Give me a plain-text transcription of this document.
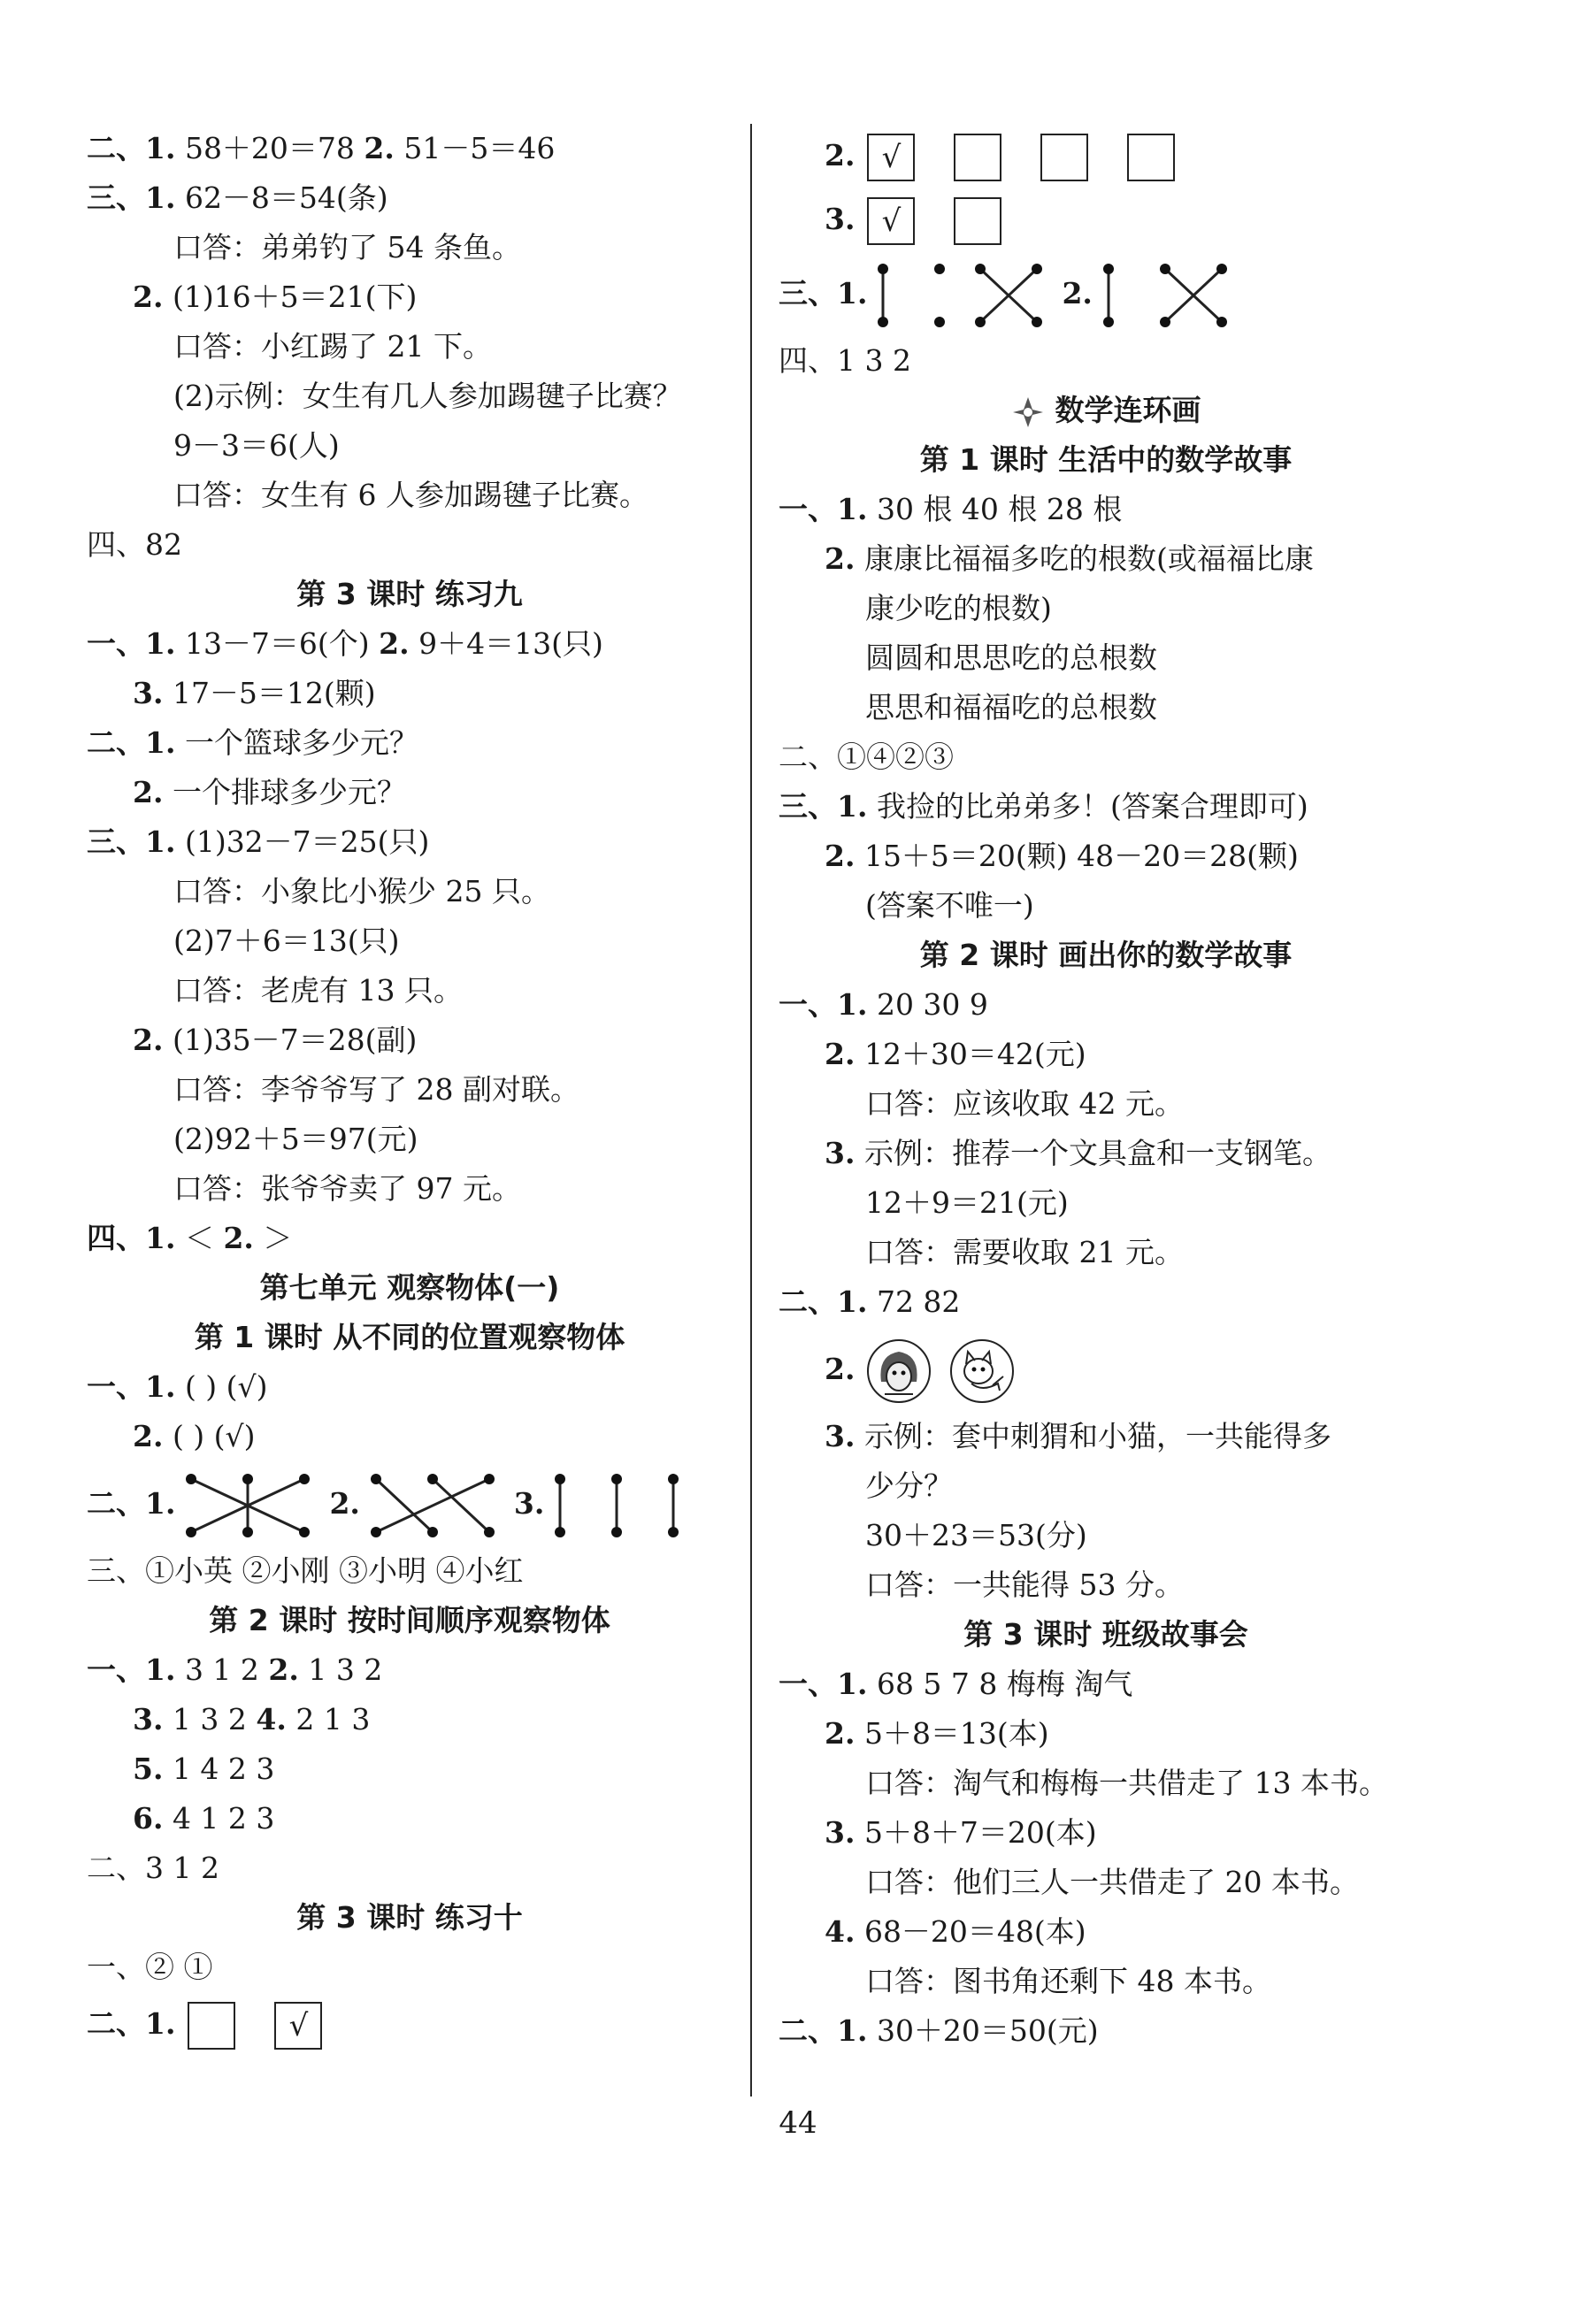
二、1. 58＋20＝78 2. 51－5＝46
三、1. 62－8＝54(条)
口答：弟弟钓了 54 条鱼。
2. (1)16＋5＝21(下)
口答：小红踢了 21 下。
(2)示例：女生有几人参加踢毽子比赛？
9－3＝6(人)
口答：女生有 6 人参加踢毽子比赛。
四、82
第 3 课时 练习九
一、1. 13－7＝6(个) 2. 9＋4＝13(只)
3. 17－5＝12(颗)
二、1. 一个篮球多少元？
2. 一个排球多少元？
三、1. (1)32－7＝25(只)
口答：小象比小猴少 25 只。
(2)7＋6＝13(只)
口答：老虎有 13 只。
2. (1)35－7＝28(副)
口答：李爷爷写了 28 副对联。
(2)92＋5＝97(元)
口答：张爷爷卖了 97 元。
四、1. ＜ 2. ＞
第七单元 观察物体(一)
第 1 课时 从不同的位置观察物体
一、1. ( ) (√)
2. ( ) (√)
二、1.	2.	3.
三、①小英 ②小刚 ③小明 ④小红
第 2 课时 按时间顺序观察物体
一、1. 3 1 2 2. 1 3 2
3. 1 3 2 4. 2 1 3
5. 1 4 2 3
6. 4 1 2 3
二、3 1 2
第 3 课时 练习十
一、② ①
二、1.	√
2. √
3. √
三、1.	2.
四、1 3 2
数学连环画
第 1 课时 生活中的数学故事
一、1. 30 根 40 根 28 根
2. 康康比福福多吃的根数(或福福比康
康少吃的根数)
圆圆和思思吃的总根数
思思和福福吃的总根数
二、①④②③
三、1. 我捡的比弟弟多！(答案合理即可)
2. 15＋5＝20(颗) 48－20＝28(颗)
(答案不唯一)
第 2 课时 画出你的数学故事
一、1. 20 30 9
2. 12＋30＝42(元)
口答：应该收取 42 元。
3. 示例：推荐一个文具盒和一支钢笔。
12＋9＝21(元)
口答：需要收取 21 元。
二、1. 72 82
2.
3. 示例：套中刺猬和小猫，一共能得多
少分？
30＋23＝53(分)
口答：一共能得 53 分。
第 3 课时 班级故事会
一、1. 68 5 7 8 梅梅 淘气
2. 5＋8＝13(本)
口答：淘气和梅梅一共借走了 13 本书。
3. 5＋8＋7＝20(本)
口答：他们三人一共借走了 20 本书。
4. 68－20＝48(本)
口答：图书角还剩下 48 本书。
二、1. 30＋20＝50(元)
44
